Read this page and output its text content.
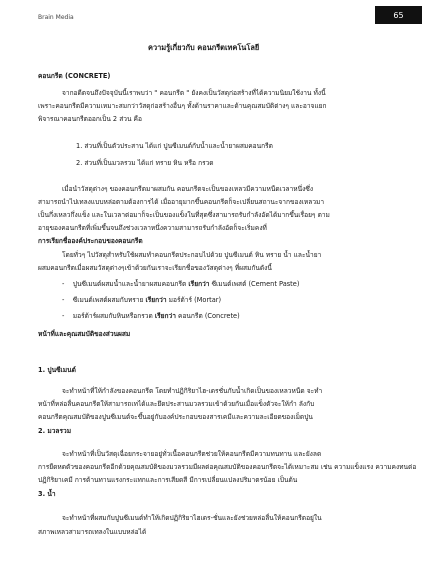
Brain Media	65
ความรู้เกี่ยวกับ คอนกรีตเทคโนโลยี
คอนกรีต (CONCRETE)
จากอดีตจนถึงปัจจุบันนี้เราพบว่า " คอนกรีต " ยังคงเป็นวัสดุก่อสร้างที่ได้ความนิยมใช้งาน ทั้งนี้
เพราะคอนกรีตมีความเหมาะสมกว่าวัสดุก่อสร้างอื่นๆ ทั้งด้านราคาและด้านคุณสมบัติต่างๆ และอาจแยก
พิจารณาคอนกรีตออกเป็น 2 ส่วน คือ
1. ส่วนที่เป็นตัวประสาน ได้แก่ ปูนซีเมนต์กับน้ำและน้ำยาผสมคอนกรีต
2. ส่วนที่เป็นมวลรวม ได้แก่ ทราย หิน หรือ กรวด
เมื่อนำวัสดุต่างๆ ของคอนกรีตมาผสมกัน คอนกรีตจะเป็นของเหลวมีความหนืดเวลาหนึ่งซึ่ง
สามารถนำไปเทลงแบบหล่อตามต้องการได้ เมื่ออายุมากขึ้นคอนกรีตก็จะเปลี่ยนสถานะจากของเหลวมา
เป็นกึ่งเหลวกึ่งแข็ง และในเวลาต่อมาก็จะเป็นของแข็งในที่สุดซึ่งสามารถรับกำลังอัดได้มากขึ้นเรื่อยๆ ตาม
อายุของคอนกรีตที่เพิ่มขึ้นจนถึงช่วงเวลาหนึ่งความสามารถรับกำลังอัดก็จะเริ่มคงที่
การเรียกชื่อองค์ประกอบของคอนกรีต
โดยทั่วๆ ไปวัสดุสำหรับใช้ผสมทำคอนกรีตประกอบไปด้วย ปูนซีเมนต์ หิน ทราย น้ำ และน้ำยา
ผสมคอนกรีตเมื่อผสมวัสดุต่างๆเข้าด้วยกันเราจะเรียกชื่อของวัสดุต่างๆ ที่ผสมกันดังนี้
- ปูนซีเมนต์ผสมน้ำและน้ำยาผสมคอนกรีต เรียกว่า ซีเมนต์เพสต์ (Cement Paste)
- ซีเมนต์เพสต์ผสมกับทราย เรียกว่า มอร์ต้าร์ (Mortar)
- มอร์ต้าร์ผสมกับหินหรือกรวด เรียกว่า คอนกรีต (Concrete)
หน้าที่และคุณสมบัติของส่วนผสม
1. ปูนซีเมนต์
จะทำหน้าที่ให้กำลังของคอนกรีต โดยทำปฏิกิริยาไฮ-เดรชั่นกับน้ำเกิดเป็นของเหลวหนืด จะทำ
หน้าที่หล่อลื่นคอนกรีตให้สามารถเทได้และยึดประสานมวลรวมเข้าด้วยกันเมื่อแข็งตัวจะให้กำ ลังกับ
คอนกรีตคุณสมบัติของปูนซีเมนต์จะขึ้นอยู่กับองค์ประกอบของสารเคมีและความละเอียดของเม็ดปูน
2. มวลรวม
จะทำหน้าที่เป็นวัสดุเฉื่อยกระจายอยู่ทั่วเนื้อคอนกรีตช่วยให้คอนกรีตมีความทนทาน และยังลด
การยืดหดตัวของคอนกรีตอีกด้วยคุณสมบัติของมวลรวมมีผลต่อคุณสมบัติของคอนกรีตจะได้เหมาะสม เช่น ความแข็งแรง ความคงทนต่อ
ปฏิกิริยาเคมี การต้านทานแรงกระแทกและการเสียดสี มีการเปลี่ยนแปลงปริมาตรน้อย เป็นต้น
3. น้ำ
จะทำหน้าที่ผสมกับปูนซีเมนต์ทำให้เกิดปฏิกิริยาไฮเดร-ชั่นและยังช่วยหล่อลื่นให้คอนกรีตอยู่ใน
สภาพเหลวสามารถเทลงในแบบหล่อได้
